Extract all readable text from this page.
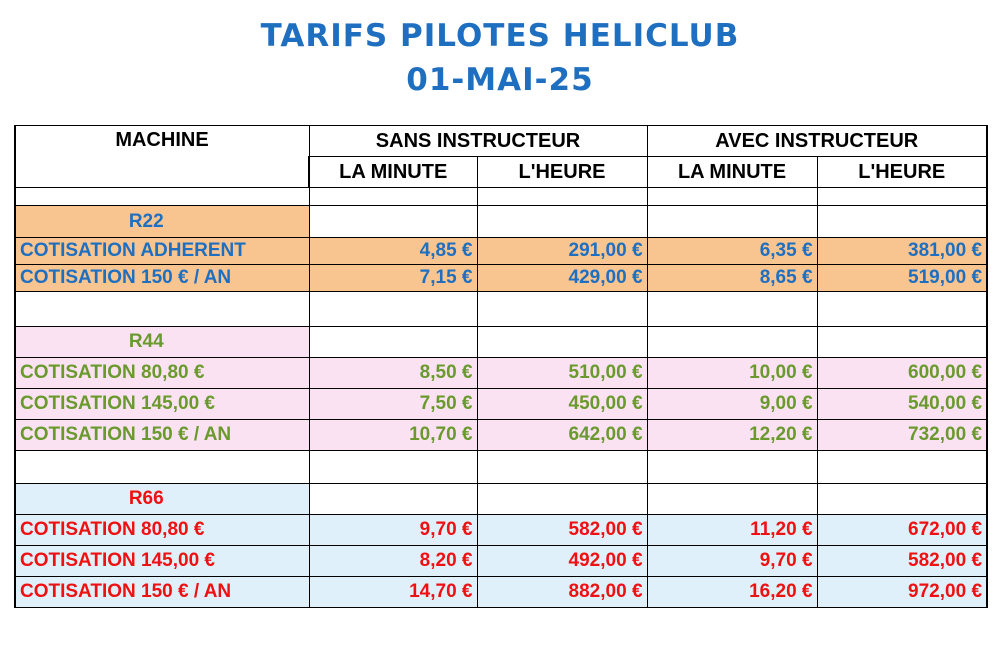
TARIFS PILOTES HELICLUB
01-MAI-25
MACHINE	SANS INSTRUCTEUR		AVEC INSTRUCTEUR	
	LA MINUTE	L'HEURE	LA MINUTE	L'HEURE

R22				
COTISATION ADHERENT	4,85 €	291,00 €	6,35 €	381,00 €
COTISATION 150 € / AN	7,15 €	429,00 €	8,65 €	519,00 €

R44				
COTISATION 80,80 €	8,50 €	510,00 €	10,00 €	600,00 €
COTISATION 145,00 €	7,50 €	450,00 €	9,00 €	540,00 €
COTISATION 150 € / AN	10,70 €	642,00 €	12,20 €	732,00 €

R66				
COTISATION 80,80 €	9,70 €	582,00 €	11,20 €	672,00 €
COTISATION 145,00 €	8,20 €	492,00 €	9,70 €	582,00 €
COTISATION 150 € / AN	14,70 €	882,00 €	16,20 €	972,00 €
